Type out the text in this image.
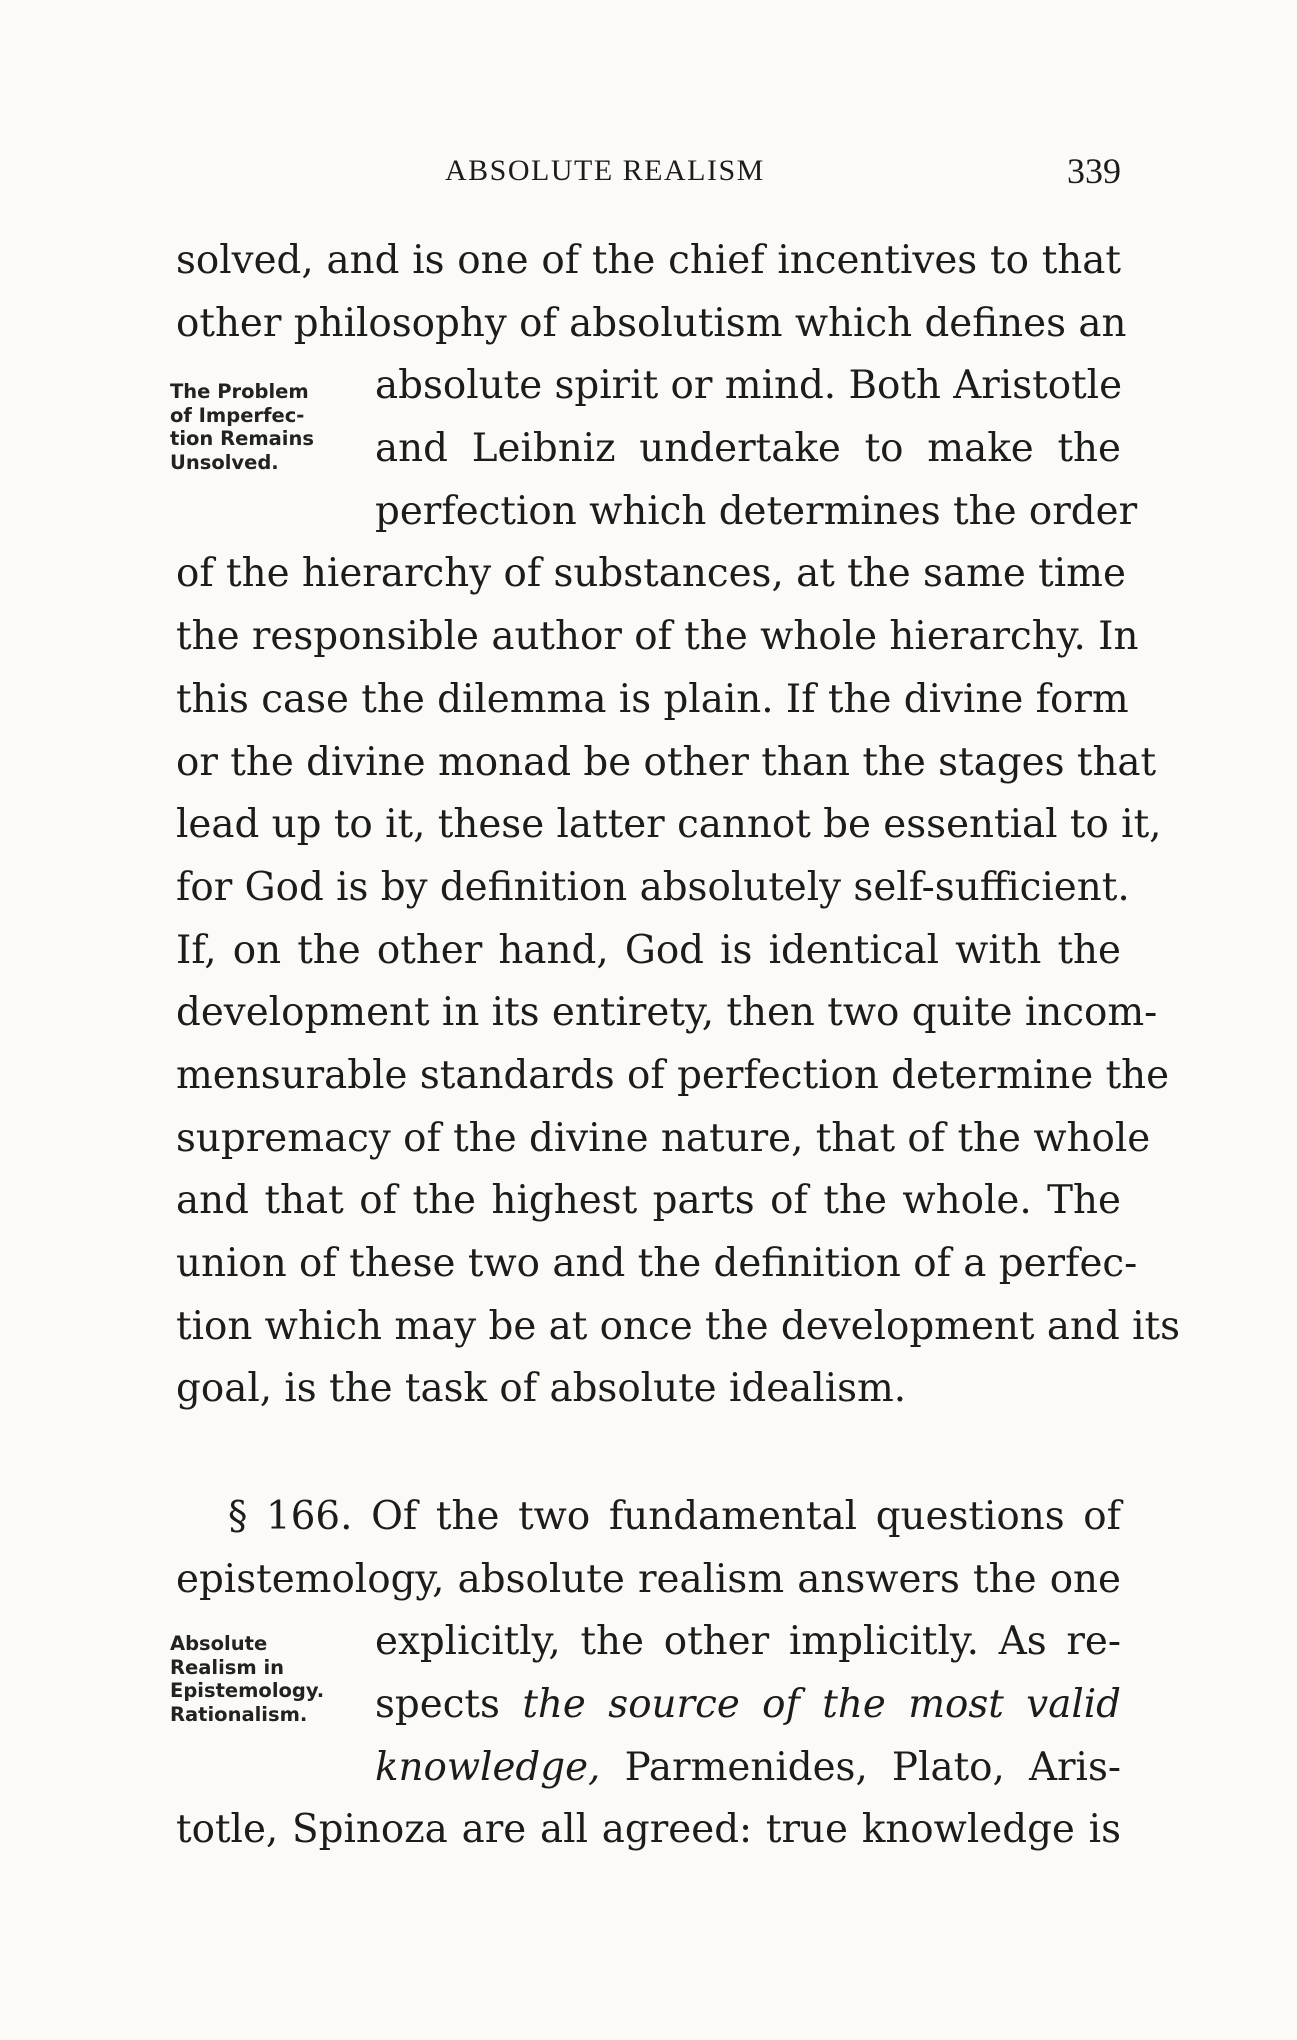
ABSOLUTE REALISM	339
The Problem
of Imperfec-
tion Remains
Unsolved.
Absolute
Realism in
Epistemology.
Rationalism.
solved, and is one of the chief incentives to that
other philosophy of absolutism which defines an
absolute spirit or mind. Both Aristotle
and Leibniz undertake to make the
perfection which determines the order
of the hierarchy of substances, at the same time
the responsible author of the whole hierarchy. In
this case the dilemma is plain. If the divine form
or the divine monad be other than the stages that
lead up to it, these latter cannot be essential to it,
for God is by definition absolutely self-sufficient.
If, on the other hand, God is identical with the
development in its entirety, then two quite incom-
mensurable standards of perfection determine the
supremacy of the divine nature, that of the whole
and that of the highest parts of the whole. The
union of these two and the definition of a perfec-
tion which may be at once the development and its
goal, is the task of absolute idealism.
§ 166. Of the two fundamental questions of
epistemology, absolute realism answers the one
explicitly, the other implicitly. As re-
spects the source of the most valid
knowledge, Parmenides, Plato, Aris-
totle, Spinoza are all agreed: true knowledge is
